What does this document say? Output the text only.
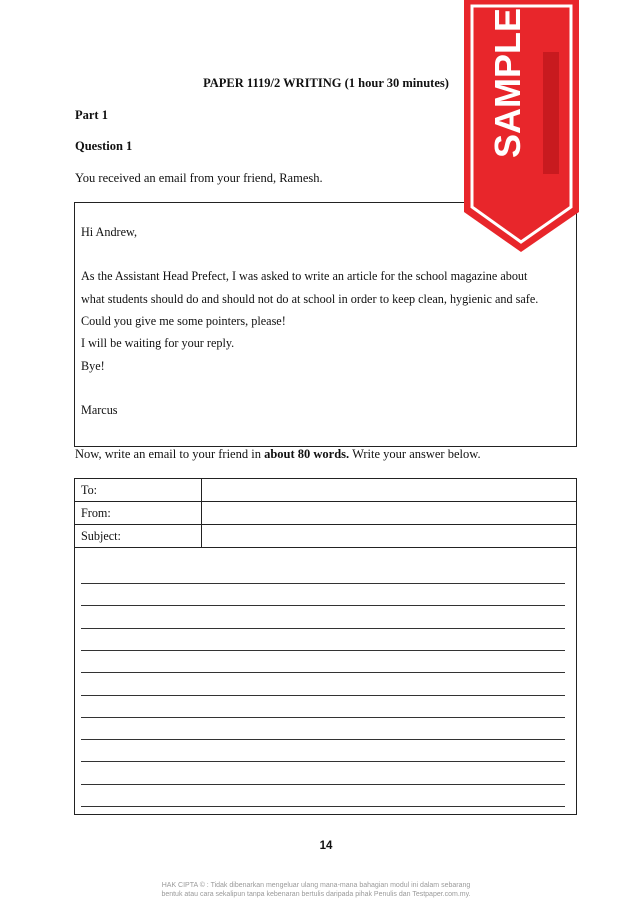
PAPER 1119/2 WRITING (1 hour 30 minutes)
Part 1
Question 1
You received an email from your friend, Ramesh.

Hi Andrew,

As the Assistant Head Prefect, I was asked to write an article for the school magazine about

what students should do and should not do at school in order to keep clean, hygienic and safe.

Could you give me some pointers, please!

I will be waiting for your reply.

Bye!

Marcus

Now, write an email to your friend in about 80 words. Write your answer below.
To:	
From:	
Subject:	
14
HAK CIPTA © : Tidak dibenarkan mengeluar ulang mana-mana bahagian modul ini dalam sebarang
bentuk atau cara sekalipun tanpa kebenaran bertulis daripada pihak Penulis dan Testpaper.com.my.
SAMPLE
